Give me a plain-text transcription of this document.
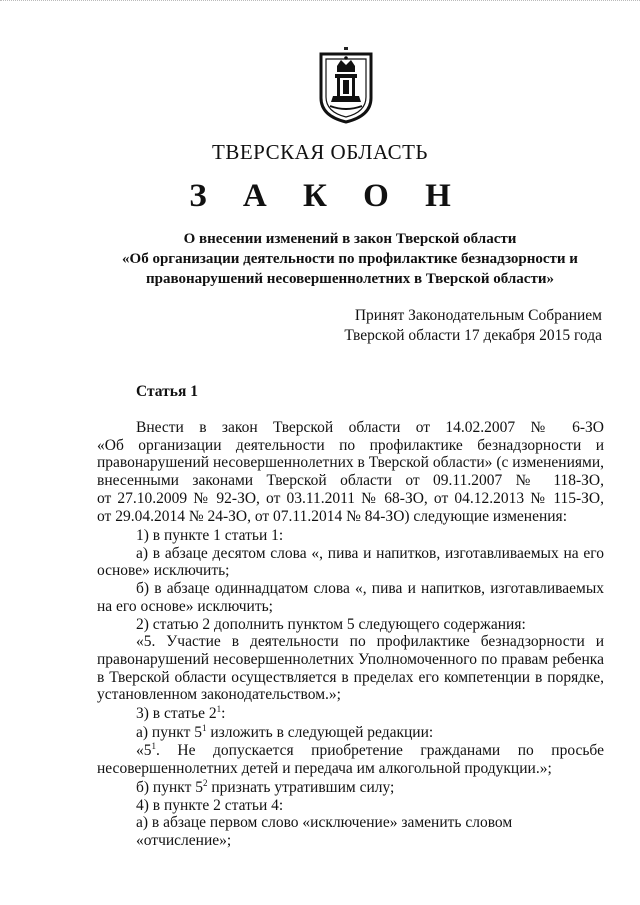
ТВЕРСКАЯ ОБЛАСТЬ
З А К О Н
О внесении изменений в закон Тверской области
«Об организации деятельности по профилактике безнадзорности и
правонарушений несовершеннолетних в Тверской области»
Принят Законодательным Собранием
Тверской области 17 декабря 2015 года
Статья 1
Внести в закон Тверской области от 14.02.2007 № 6-ЗО
«Об организации деятельности по профилактике безнадзорности и
правонарушений несовершеннолетних в Тверской области» (с изменениями,
внесенными законами Тверской области от 09.11.2007 № 118-ЗО,
от 27.10.2009 № 92-ЗО, от 03.11.2011 № 68-ЗО, от 04.12.2013 № 115-ЗО,
от 29.04.2014 № 24-ЗО, от 07.11.2014 № 84-ЗО) следующие изменения:
1) в пункте 1 статьи 1:
а) в абзаце десятом слова «, пива и напитков, изготавливаемых на его
основе» исключить;
б) в абзаце одиннадцатом слова «, пива и напитков, изготавливаемых
на его основе» исключить;
2) статью 2 дополнить пунктом 5 следующего содержания:
«5. Участие в деятельности по профилактике безнадзорности и
правонарушений несовершеннолетних Уполномоченного по правам ребенка
в Тверской области осуществляется в пределах его компетенции в порядке,
установленном законодательством.»;
3) в статье $2^1$:
а) пункт $5^1$ изложить в следующей редакции:
«$5^1$. Не допускается приобретение гражданами по просьбе
несовершеннолетних детей и передача им алкогольной продукции.»;
б) пункт $5^2$ признать утратившим силу;
4) в пункте 2 статьи 4:
а) в абзаце первом слово «исключение» заменить словом «отчисление»;
